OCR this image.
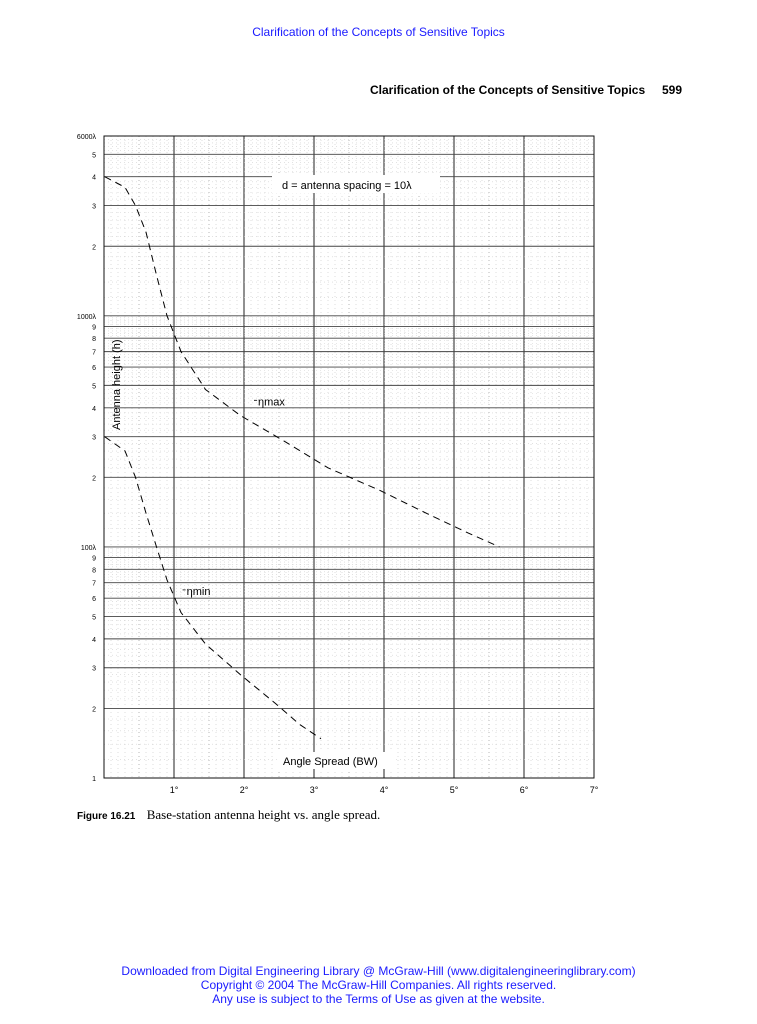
Clarification of the Concepts of Sensitive Topics
Clarification of the Concepts of Sensitive Topics 599
ηmax
ηmin
1
2
3
4
5
6
7
8
9
100λ
2
3
4
5
6
7
8
9
1000λ
2
3
4
5
6000λ
1°	2°	3°	4°	5°	6°	7°
d = antenna spacing = 10λ
Angle Spread (BW)
Antenna height (h)
Figure 16.21 Base-station antenna height vs. angle spread.
Downloaded from Digital Engineering Library @ McGraw-Hill (www.digitalengineeringlibrary.com)
Copyright © 2004 The McGraw-Hill Companies. All rights reserved.
Any use is subject to the Terms of Use as given at the website.
